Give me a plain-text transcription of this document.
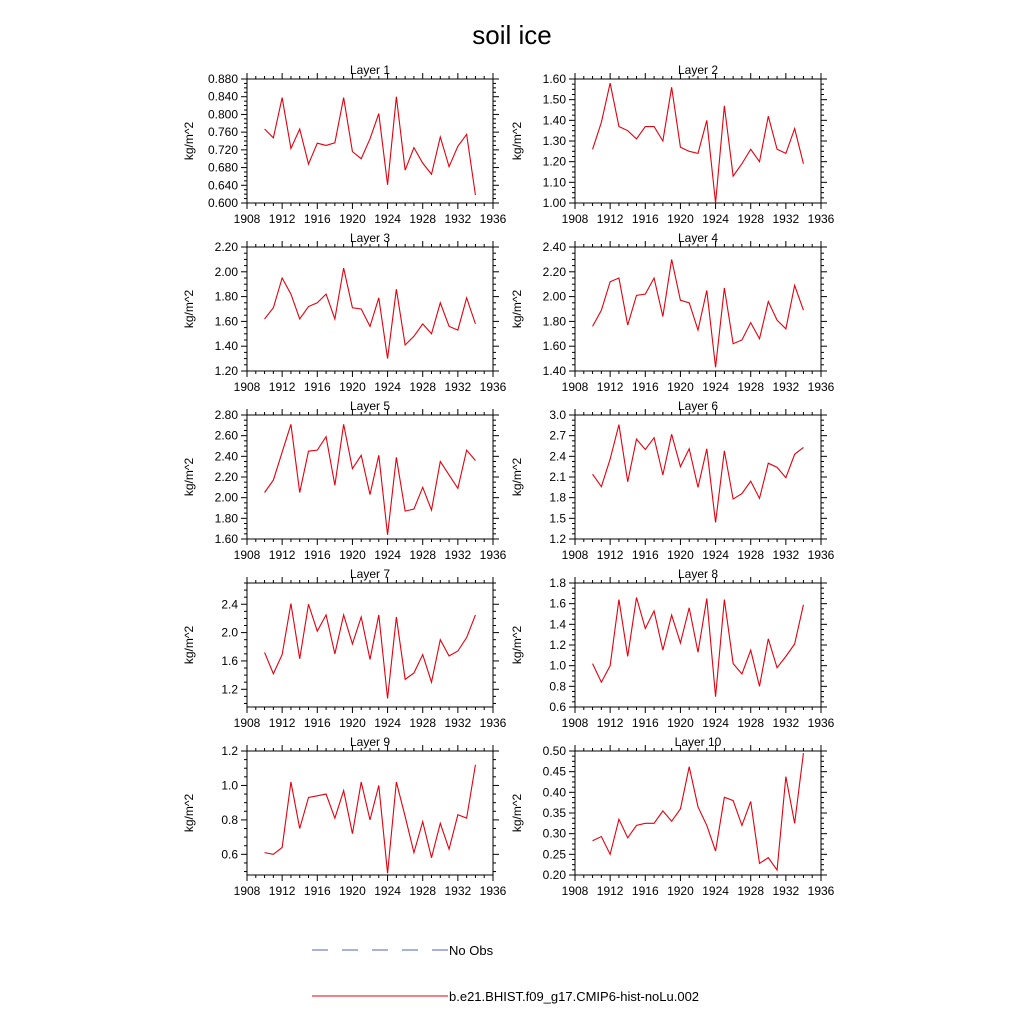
soil ice
Layer 1
kg/m^2
1908 1912 1916 1920 1924 1928 1932 1936
0.600
0.640
0.680
0.720
0.760
0.800
0.840
0.880
Layer 2
kg/m^2
1908 1912 1916 1920 1924 1928 1932 1936
1.00
1.10
1.20
1.30
1.40
1.50
1.60
Layer 3
kg/m^2
1908 1912 1916 1920 1924 1928 1932 1936
1.20
1.40
1.60
1.80
2.00
2.20
Layer 4
kg/m^2
1908 1912 1916 1920 1924 1928 1932 1936
1.40
1.60
1.80
2.00
2.20
2.40
Layer 5
kg/m^2
1908 1912 1916 1920 1924 1928 1932 1936
1.60
1.80
2.00
2.20
2.40
2.60
2.80
Layer 6
kg/m^2
1908 1912 1916 1920 1924 1928 1932 1936
1.2
1.5
1.8
2.1
2.4
2.7
3.0
Layer 7
kg/m^2
1908 1912 1916 1920 1924 1928 1932 1936
1.2
1.6
2.0
2.4
Layer 8
kg/m^2
1908 1912 1916 1920 1924 1928 1932 1936
0.6
0.8
1.0
1.2
1.4
1.6
1.8
Layer 9
kg/m^2
1908 1912 1916 1920 1924 1928 1932 1936
0.6
0.8
1.0
1.2
Layer 10
kg/m^2
1908 1912 1916 1920 1924 1928 1932 1936
0.20
0.25
0.30
0.35
0.40
0.45
0.50
No Obs
b.e21.BHIST.f09_g17.CMIP6-hist-noLu.002
